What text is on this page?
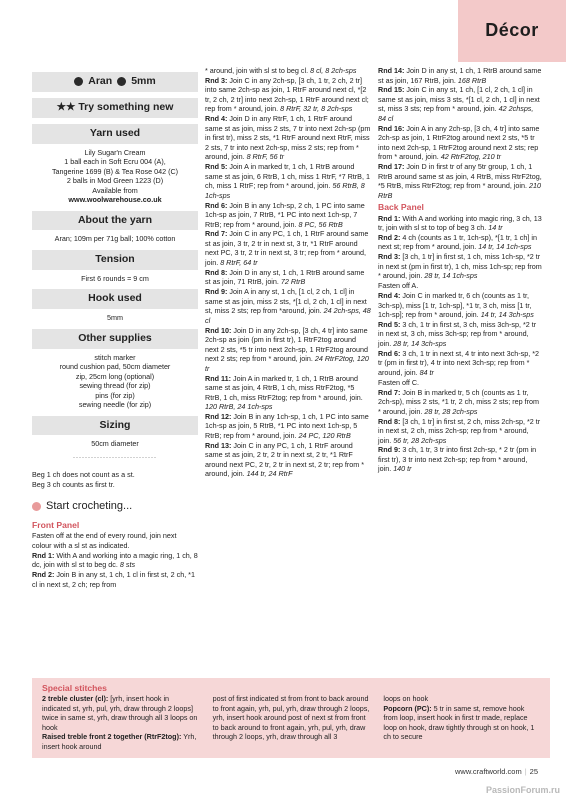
Décor
Aran 5mm
★★ Try something new
Yarn used
Lily Sugar'n Cream
1 ball each in Soft Ecru 004 (A),
Tangerine 1699 (B) & Tea Rose 042 (C)
2 balls in Mod Green 1223 (D)
Available from
www.woolwarehouse.co.uk
About the yarn
Aran; 109m per 71g ball; 100% cotton
Tension
First 6 rounds = 9 cm
Hook used
5mm
Other supplies
stitch marker
round cushion pad, 50cm diameter
zip, 25cm long (optional)
sewing thread (for zip)
pins (for zip)
sewing needle (for zip)
Sizing
50cm diameter
............................
Beg 1 ch does not count as a st.
Beg 3 ch counts as first tr.
Start crocheting...
Front Panel
Fasten off at the end of every round, join next colour with a sl st as indicated.
Rnd 1: With A and working into a magic ring, 1 ch, 8 dc, join with sl st to beg dc. 8 sts
Rnd 2: Join B in any st, 1 ch, 1 cl in first st, 2 ch, *1 cl in next st, 2 ch; rep from
* around, join with sl st to beg cl. 8 cl, 8 2ch-sps
Rnd 3: Join C in any 2ch-sp, [3 ch, 1 tr, 2 ch, 2 tr] into same 2ch-sp as join, 1 RtrF around next cl, *[2 tr, 2 ch, 2 tr] into next 2ch-sp, 1 RtrF around next cl; rep from * around, join. 8 RtrF, 32 tr, 8 2ch-sps
Rnd 4: Join D in any RtrF, 1 ch, 1 RtrF around same st as join, miss 2 sts, 7 tr into next 2ch-sp (pm in first tr), miss 2 sts, *1 RtrF around next RtrF, miss 2 sts, 7 tr into next 2ch-sp, miss 2 sts; rep from * around, join. 8 RtrF, 56 tr
Rnd 5: Join A in marked tr, 1 ch, 1 RtrB around same st as join, 6 RtrB, 1 ch, miss 1 RtrF, *7 RtrB, 1 ch, miss 1 RtrF; rep from * around, join. 56 RtrB, 8 1ch-sps
Rnd 6: Join B in any 1ch-sp, 2 ch, 1 PC into same 1ch-sp as join, 7 RtrB, *1 PC into next 1ch-sp, 7 RtrB; rep from * around, join. 8 PC, 56 RtrB
Rnd 7: Join C in any PC, 1 ch, 1 RtrF around same st as join, 3 tr, 2 tr in next st, 3 tr, *1 RtrF around next PC, 3 tr, 2 tr in next st, 3 tr; rep from * around, join. 8 RtrF, 64 tr
Rnd 8: Join D in any st, 1 ch, 1 RtrB around same st as join, 71 RtrB, join. 72 RtrB
Rnd 9: Join A in any st, 1 ch, [1 cl, 2 ch, 1 cl] in same st as join, miss 2 sts, *[1 cl, 2 ch, 1 cl] in next st, miss 2 sts; rep from *around, join. 24 2ch-sps, 48 cl
Rnd 10: Join D in any 2ch-sp, [3 ch, 4 tr] into same 2ch-sp as join (pm in first tr), 1 RtrF2tog around next 2 sts, *5 tr into next 2ch-sp, 1 RtrF2tog around next 2 sts; rep from * around, join. 24 RtrF2tog, 120 tr
Rnd 11: Join A in marked tr, 1 ch, 1 RtrB around same st as join, 4 RtrB, 1 ch, miss RtrF2tog, *5 RtrB, 1 ch, miss RtrF2tog; rep from * around, join. 120 RtrB, 24 1ch-sps
Rnd 12: Join B in any 1ch-sp, 1 ch, 1 PC into same 1ch-sp as join, 5 RtrB, *1 PC into next 1ch-sp, 5 RtrB; rep from * around, join. 24 PC, 120 RtrB
Rnd 13: Join C in any PC, 1 ch, 1 RtrF around same st as join, 2 tr, 2 tr in next st, 2 tr, *1 RtrF around next PC, 2 tr, 2 tr in next st, 2 tr; rep from * around, join. 144 tr, 24 RtrF
Rnd 14: Join D in any st, 1 ch, 1 RtrB around same st as join, 167 RtrB, join. 168 RtrB
Rnd 15: Join C in any st, 1 ch, [1 cl, 2 ch, 1 cl] in same st as join, miss 3 sts, *[1 cl, 2 ch, 1 cl] in next st, miss 3 sts; rep from * around, join. 42 2chsps, 84 cl
Rnd 16: Join A in any 2ch-sp, [3 ch, 4 tr] into same 2ch-sp as join, 1 RtrF2tog around next 2 sts, *5 tr into next 2ch-sp, 1 RtrF2tog around next 2 sts; rep from * around, join. 42 RtrF2tog, 210 tr
Rnd 17: Join D in first tr of any 5tr group, 1 ch, 1 RtrB around same st as join, 4 RtrB, miss RtrF2tog, *5 RtrB, miss RtrF2tog; rep from * around, join. 210 RtrB
Back Panel
Rnd 1: With A and working into magic ring, 3 ch, 13 tr, join with sl st to top of beg 3 ch. 14 tr
Rnd 2: 4 ch (counts as 1 tr, 1ch-sp), *[1 tr, 1 ch] in next st; rep from * around, join. 14 tr, 14 1ch-sps
Rnd 3: [3 ch, 1 tr] in first st, 1 ch, miss 1ch-sp, *2 tr in next st (pm in first tr), 1 ch, miss 1ch-sp; rep from * around, join. 28 tr, 14 1ch-sps
Fasten off A.
Rnd 4: Join C in marked tr, 6 ch (counts as 1 tr, 3ch-sp), miss [1 tr, 1ch-sp], *1 tr, 3 ch, miss [1 tr, 1ch-sp]; rep from * around, join. 14 tr, 14 3ch-sps
Rnd 5: 3 ch, 1 tr in first st, 3 ch, miss 3ch-sp, *2 tr in next st, 3 ch, miss 3ch-sp; rep from * around, join. 28 tr, 14 3ch-sps
Rnd 6: 3 ch, 1 tr in next st, 4 tr into next 3ch-sp, *2 tr (pm in first tr), 4 tr into next 3ch-sp; rep from * around, join. 84 tr
Fasten off C.
Rnd 7: Join B in marked tr, 5 ch (counts as 1 tr, 2ch-sp), miss 2 sts, *1 tr, 2 ch, miss 2 sts; rep from * around, join. 28 tr, 28 2ch-sps
Rnd 8: [3 ch, 1 tr] in first st, 2 ch, miss 2ch-sp, *2 tr in next st, 2 ch, miss 2ch-sp; rep from * around, join. 56 tr, 28 2ch-sps
Rnd 9: 3 ch, 1 tr, 3 tr into first 2ch-sp, * 2 tr (pm in first tr), 3 tr into next 2ch-sp; rep from * around, join. 140 tr
Special stitches
2 treble cluster (cl): [yrh, insert hook in indicated st, yrh, pul, yrh, draw through 2 loops] twice in same st, yrh, draw through all 3 loops on hook
Raised treble front 2 together (RtrF2tog): Yrh, insert hook around
post of first indicated st from front to back around to front again, yrh, pul, yrh, draw through 2 loops, yrh, insert hook around post of next st from front to back around to front again, yrh, pul, yrh, draw through 2 loops, yrh, draw through all 3
loops on hook
Popcorn (PC): 5 tr in same st, remove hook from loop, insert hook in first tr made, replace loop on hook, draw tightly through st on hook, 1 ch to secure
www.craftworld.com | 25
PassionForum.ru
